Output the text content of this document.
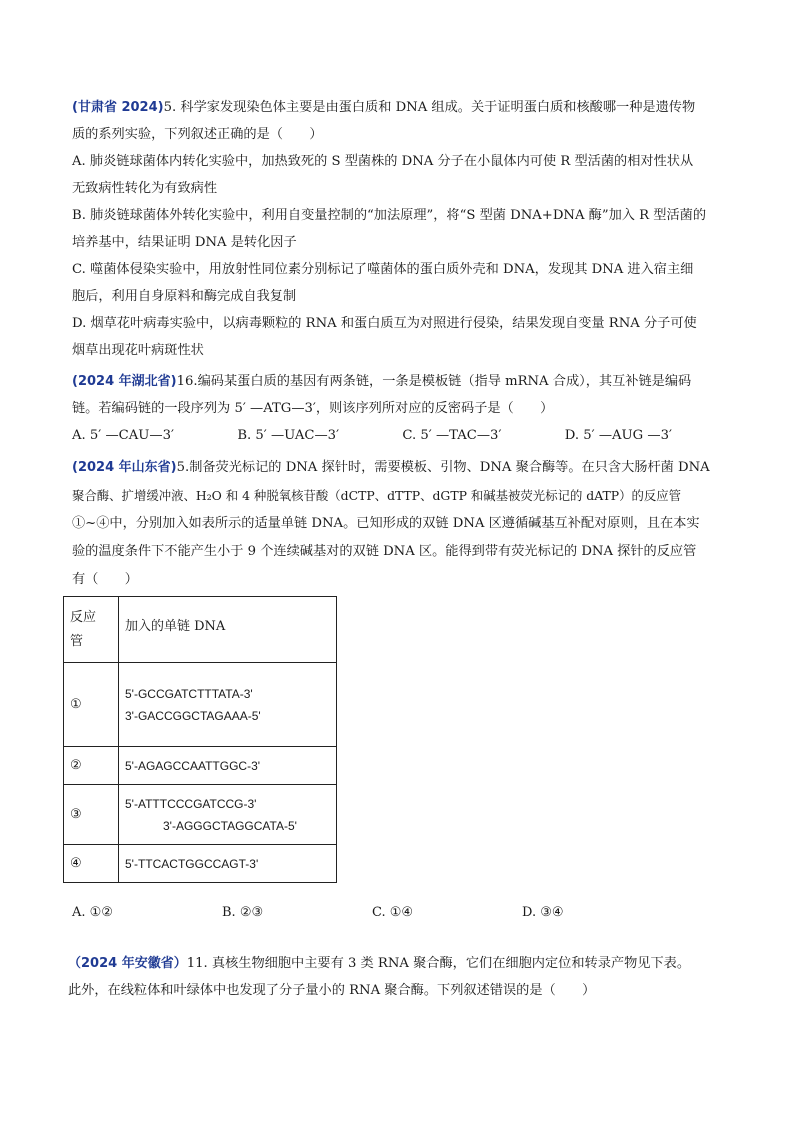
(甘肃省 2024)5. 科学家发现染色体主要是由蛋白质和 DNA 组成。关于证明蛋白质和核酸哪一种是遗传物
质的系列实验，下列叙述正确的是（　　）
A. 肺炎链球菌体内转化实验中，加热致死的 S 型菌株的 DNA 分子在小鼠体内可使 R 型活菌的相对性状从
无致病性转化为有致病性
B. 肺炎链球菌体外转化实验中，利用自变量控制的“加法原理”，将“S 型菌 DNA+DNA 酶”加入 R 型活菌的
培养基中，结果证明 DNA 是转化因子
C. 噬菌体侵染实验中，用放射性同位素分别标记了噬菌体的蛋白质外壳和 DNA，发现其 DNA 进入宿主细
胞后，利用自身原料和酶完成自我复制
D. 烟草花叶病毒实验中，以病毒颗粒的 RNA 和蛋白质互为对照进行侵染，结果发现自变量 RNA 分子可使
烟草出现花叶病斑性状
(2024 年湖北省)16.编码某蛋白质的基因有两条链，一条是模板链（指导 mRNA 合成），其互补链是编码
链。若编码链的一段序列为 5′ —ATG—3′，则该序列所对应的反密码子是（　　）
A. 5′ —CAU—3′	B. 5′ —UAC—3′	C. 5′ —TAC—3′	D. 5′ —AUG —3′
(2024 年山东省)5.制备荧光标记的 DNA 探针时，需要模板、引物、DNA 聚合酶等。在只含大肠杆菌 DNA
聚合酶、扩增缓冲液、H₂O 和 4 种脱氧核苷酸（dCTP、dTTP、dGTP 和碱基被荧光标记的 dATP）的反应管
①~④中，分别加入如表所示的适量单链 DNA。已知形成的双链 DNA 区遵循碱基互补配对原则，且在本实
验的温度条件下不能产生小于 9 个连续碱基对的双链 DNA 区。能得到带有荧光标记的 DNA 探针的反应管
有（　　）
反应管	加入的单链 DNA
①	5'-GCCGATCTTTATA-3'
3'-GACCGGCTAGAAA-5'

②	5'-AGAGCCAATTGGC-3'

③	5'-ATTTCCCGATCCG-3'
3'-AGGGCTAGGCATA-5'

④	5'-TTCACTGGCCAGT-3'
A. ①②	B. ②③	C. ①④	D. ③④
（2024 年安徽省）11. 真核生物细胞中主要有 3 类 RNA 聚合酶，它们在细胞内定位和转录产物见下表。
此外，在线粒体和叶绿体中也发现了分子量小的 RNA 聚合酶。下列叙述错误的是（　　）
